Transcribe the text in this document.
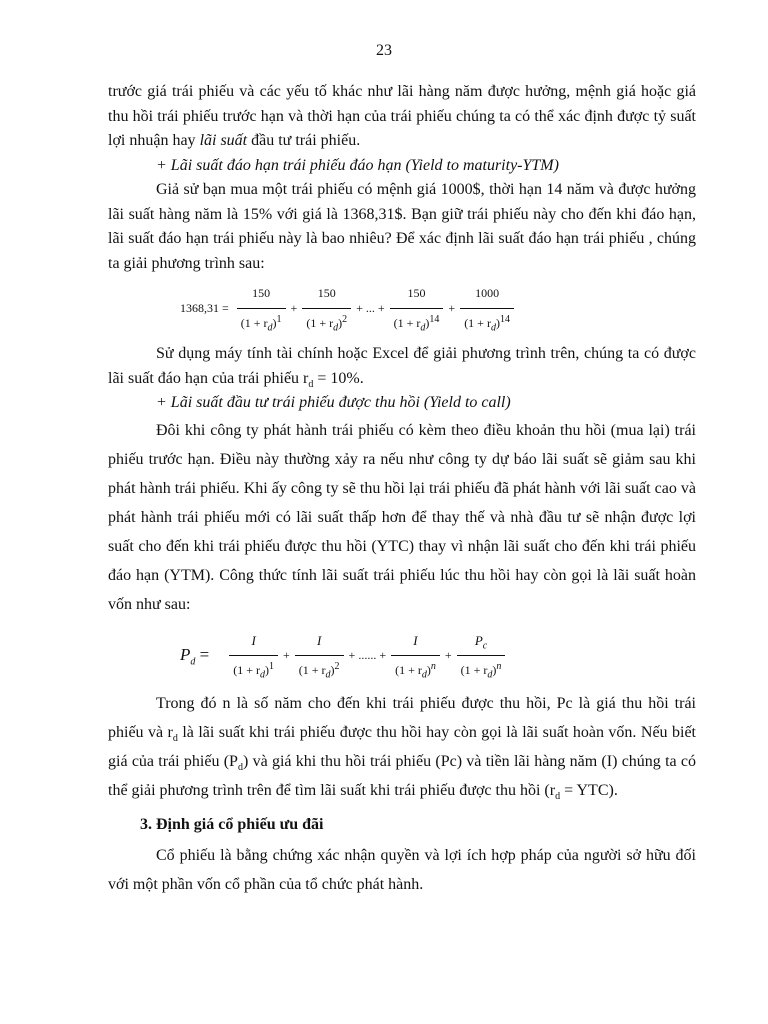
23

trước giá trái phiếu và các yếu tố khác như lãi hàng năm được hưởng, mệnh giá hoặc giá thu hồi trái phiếu trước hạn và thời hạn của trái phiếu chúng ta có thể xác định được tỷ suất lợi nhuận hay lãi suất đầu tư trái phiếu.

+ Lãi suất đáo hạn trái phiếu đáo hạn (Yield to maturity-YTM)

Giả sử bạn mua một trái phiếu có mệnh giá 1000$, thời hạn 14 năm và được hưởng lãi suất hàng năm là 15% với giá là 1368,31$. Bạn giữ trái phiếu này cho đến khi đáo hạn, lãi suất đáo hạn trái phiếu này là bao nhiêu? Để xác định lãi suất đáo hạn trái phiếu , chúng ta giải phương trình sau:

$1368,31 = \frac{150}{(1 + r_d)^1} + \frac{150}{(1 + r_d)^2}$ + ... + $\frac{150}{(1 + r_d)^{14}} + \frac{1000}{(1 + r_d)^{14}}$

Sử dụng máy tính tài chính hoặc Excel để giải phương trình trên, chúng ta có được lãi suất đáo hạn của trái phiếu $r_d = 10\%$.

+ Lãi suất đầu tư trái phiếu được thu hồi (Yield to call)

Đôi khi công ty phát hành trái phiếu có kèm theo điều khoản thu hồi (mua lại) trái phiếu trước hạn. Điều này thường xảy ra nếu như công ty dự báo lãi suất sẽ giảm sau khi phát hành trái phiếu. Khi ấy công ty sẽ thu hồi lại trái phiếu đã phát hành với lãi suất cao và phát hành trái phiếu mới có lãi suất thấp hơn để thay thế và nhà đầu tư sẽ nhận được lợi suất cho đến khi trái phiếu được thu hồi (YTC) thay vì nhận lãi suất cho đến khi trái phiếu đáo hạn (YTM). Công thức tính lãi suất trái phiếu lúc thu hồi hay còn gọi là lãi suất hoàn vốn như sau:

$P_d = \frac{I}{(1 + r_d)^1} + \frac{I}{(1 + r_d)^2}$ + ...... + $\frac{I}{(1 + r_d)^n} + \frac{P_c}{(1 + r_d)^n}$

Trong đó n là số năm cho đến khi trái phiếu được thu hồi, Pc là giá thu hồi trái phiếu và $r_d$ là lãi suất khi trái phiếu được thu hồi hay còn gọi là lãi suất hoàn vốn. Nếu biết giá của trái phiếu $(P_d)$ và giá khi thu hồi trái phiếu (Pc) và tiền lãi hàng năm (I) chúng ta có thể giải phương trình trên để tìm lãi suất khi trái phiếu được thu hồi $(r_d = YTC)$.

3. Định giá cổ phiếu ưu đãi

Cổ phiếu là bằng chứng xác nhận quyền và lợi ích hợp pháp của người sở hữu đối với một phần vốn cổ phần của tổ chức phát hành.
